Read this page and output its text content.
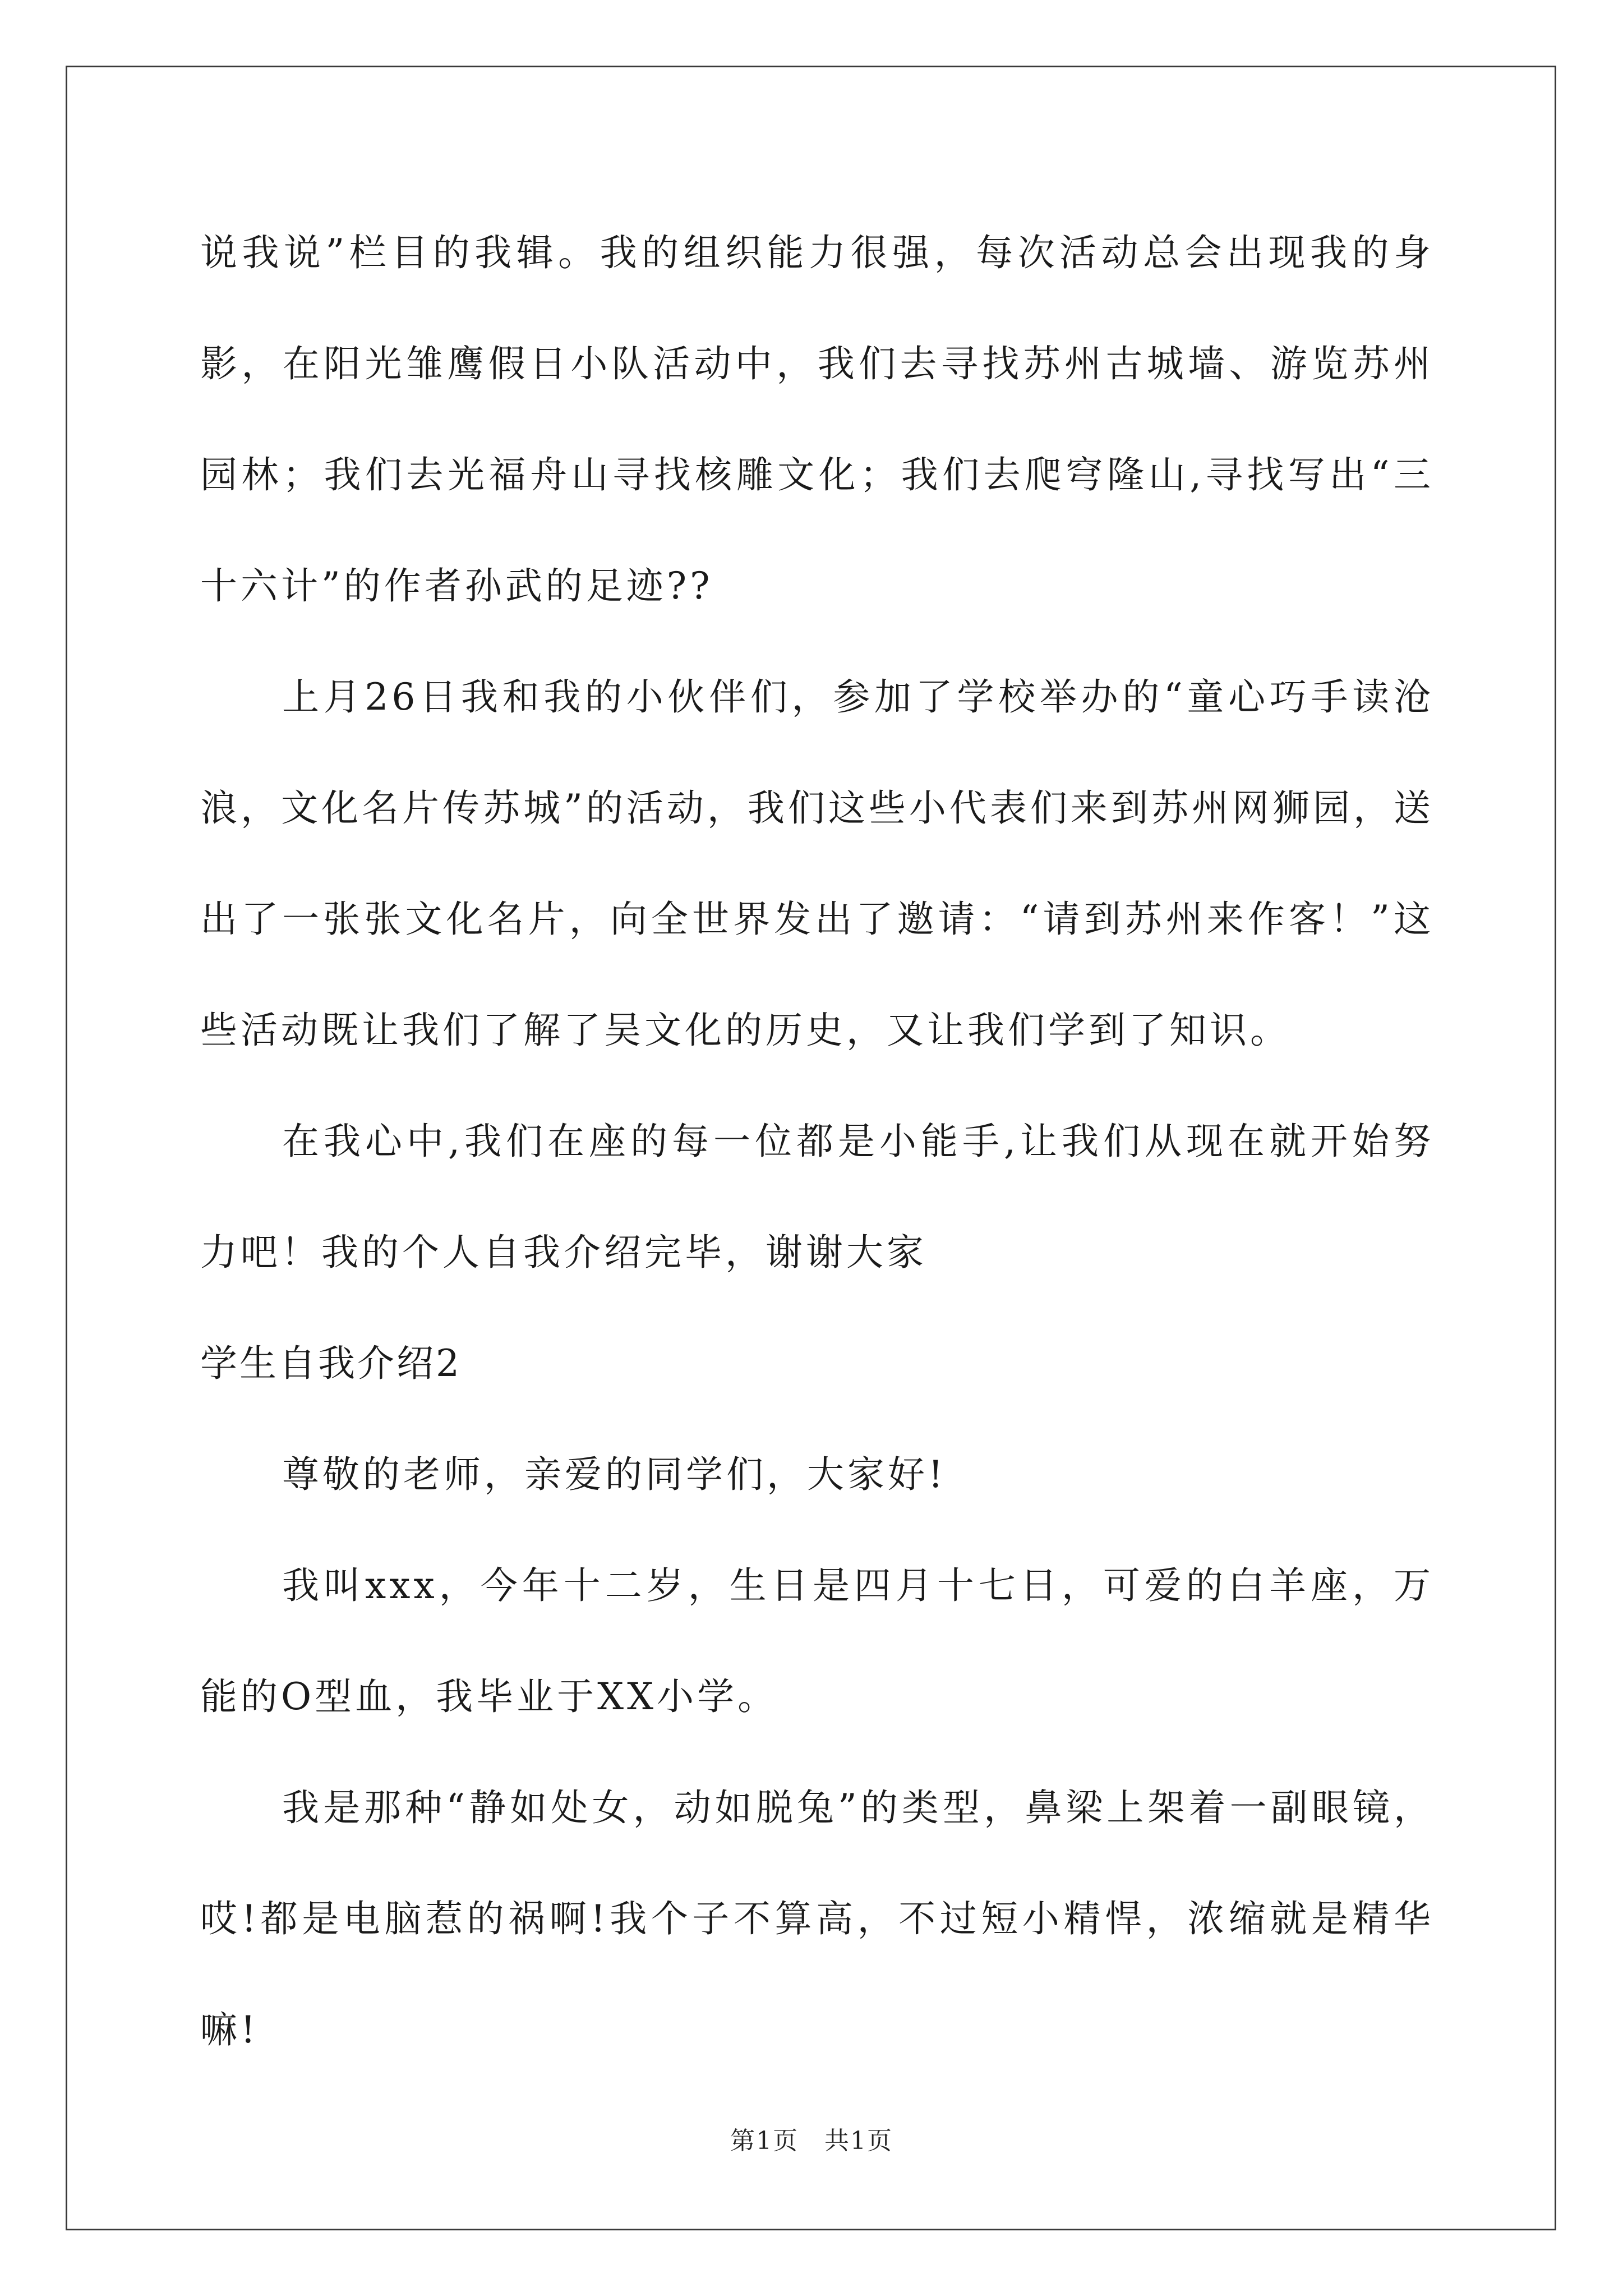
说我说”栏目的我辑。我的组织能力很强，每次活动总会出现我的身影，在阳光雏鹰假日小队活动中，我们去寻找苏州古城墙、游览苏州园林；我们去光福舟山寻找核雕文化；我们去爬穹隆山,寻找写出“三十六计”的作者孙武的足迹??

上月26日我和我的小伙伴们，参加了学校举办的“童心巧手读沧浪，文化名片传苏城”的活动，我们这些小代表们来到苏州网狮园，送出了一张张文化名片，向全世界发出了邀请：“请到苏州来作客！”这些活动既让我们了解了吴文化的历史，又让我们学到了知识。

在我心中,我们在座的每一位都是小能手,让我们从现在就开始努力吧！我的个人自我介绍完毕，谢谢大家

学生自我介绍2

尊敬的老师，亲爱的同学们，大家好!

我叫xxx，今年十二岁，生日是四月十七日，可爱的白羊座，万能的O型血，我毕业于XX小学。

我是那种“静如处女，动如脱兔”的类型，鼻梁上架着一副眼镜，哎!都是电脑惹的祸啊!我个子不算高，不过短小精悍，浓缩就是精华嘛!

第1页　共1页
